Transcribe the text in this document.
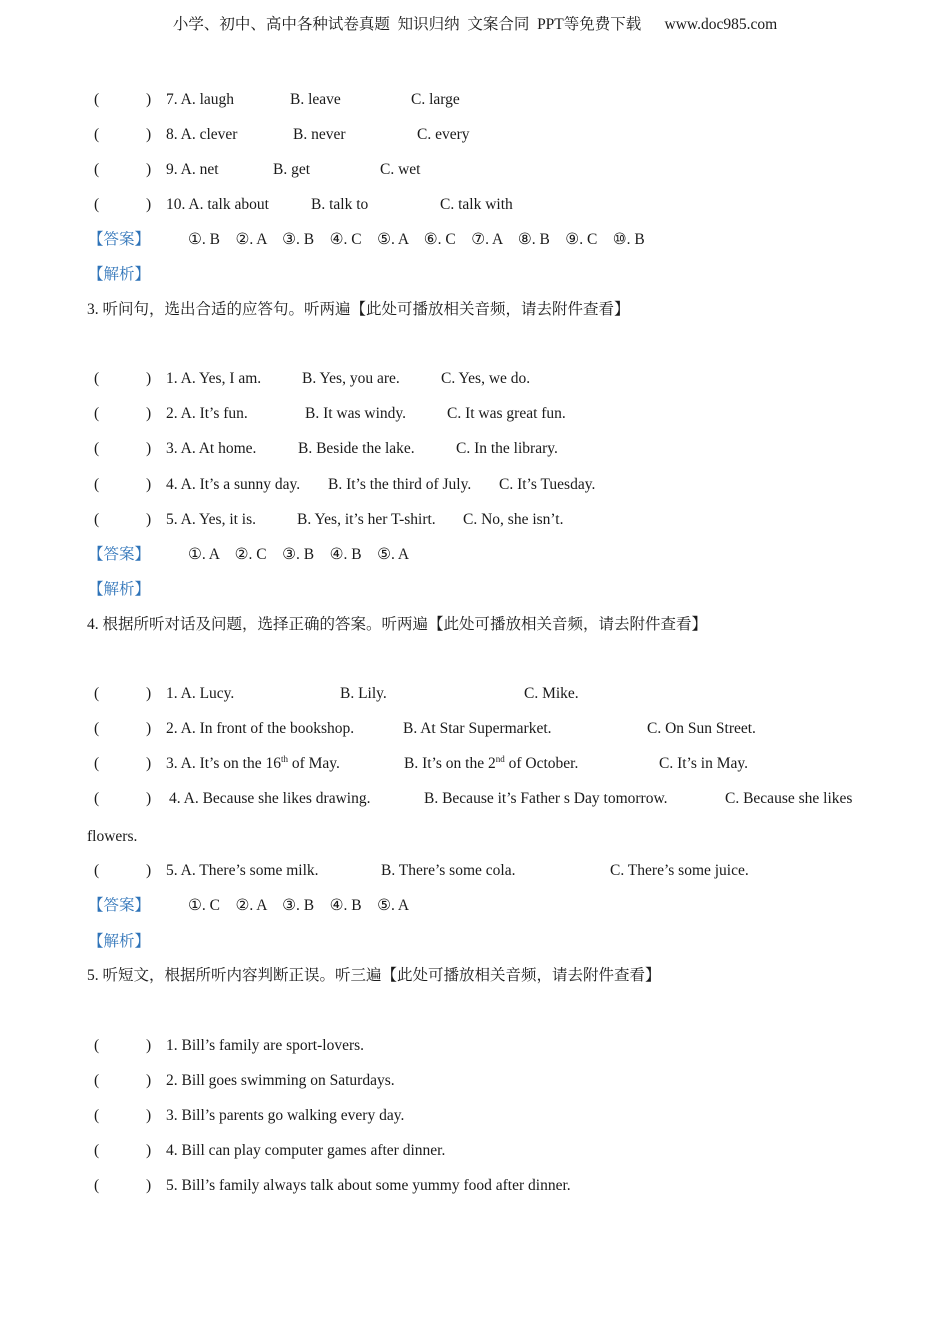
小学、初中、高中各种试卷真题  知识归纳  文案合同  PPT等免费下载      www.doc985.com
(	) 7. A. laugh	B. leave	C. large
(	) 8. A. clever	B. never	C. every
(	) 9. A. net	B. get	C. wet
(	) 10. A. talk about	B. talk to	C. talk with
【答案】 ①. B    ②. A    ③. B    ④. C    ⑤. A    ⑥. C    ⑦. A    ⑧. B    ⑨. C    ⑩. B
【解析】
3. 听问句，选出合适的应答句。听两遍【此处可播放相关音频，请去附件查看】
(	) 1. A. Yes, I am.	B. Yes, you are.	C. Yes, we do.
(	) 2. A. It’s fun.	B. It was windy.	C. It was great fun.
(	) 3. A. At home.	B. Beside the lake.	C. In the library.
(	) 4. A. It’s a sunny day. B. It’s the third of July. C. It’s Tuesday.
(	) 5. A. Yes, it is.	B. Yes, it’s her T-shirt. C. No, she isn’t.
【答案】 ①. A    ②. C    ③. B    ④. B    ⑤. A
【解析】
4. 根据所听对话及问题，选择正确的答案。听两遍【此处可播放相关音频，请去附件查看】
(	) 1. A. Lucy.	B. Lily.	C. Mike.
(	) 2. A. In front of the bookshop.	B. At Star Supermarket.	C. On Sun Street.
(	) 3. A. It’s on the 16th of May.	B. It’s on the 2nd of October.	C. It’s in May.
(	) 4. A. Because she likes drawing.	B. Because it’s Father s Day tomorrow.	C. Because she likes
flowers.
(	) 5. A. There’s some milk.	B. There’s some cola.	C. There’s some juice.
【答案】 ①. C    ②. A    ③. B    ④. B    ⑤. A
【解析】
5. 听短文，根据所听内容判断正误。听三遍【此处可播放相关音频，请去附件查看】
(	) 1. Bill’s family are sport-lovers.
(	) 2. Bill goes swimming on Saturdays.
(	) 3. Bill’s parents go walking every day.
(	) 4. Bill can play computer games after dinner.
(	) 5. Bill’s family always talk about some yummy food after dinner.
